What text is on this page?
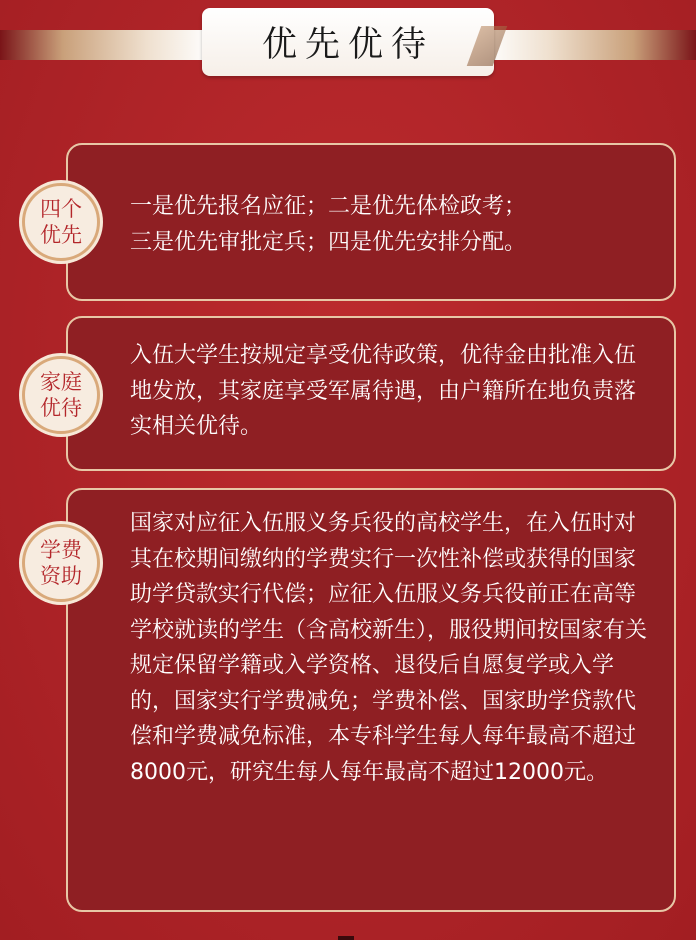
优先优待
一是优先报名应征；二是优先体检政考；
三是优先审批定兵；四是优先安排分配。
四个优先
入伍大学生按规定享受优待政策，优待金由批准入伍地发放，其家庭享受军属待遇，由户籍所在地负责落实相关优待。
家庭优待
国家对应征入伍服义务兵役的高校学生，在入伍时对其在校期间缴纳的学费实行一次性补偿或获得的国家助学贷款实行代偿；应征入伍服义务兵役前正在高等学校就读的学生（含高校新生），服役期间按国家有关规定保留学籍或入学资格、退役后自愿复学或入学的，国家实行学费减免；学费补偿、国家助学贷款代偿和学费减免标准，本专科学生每人每年最高不超过8000元，研究生每人每年最高不超过12000元。
学费资助
